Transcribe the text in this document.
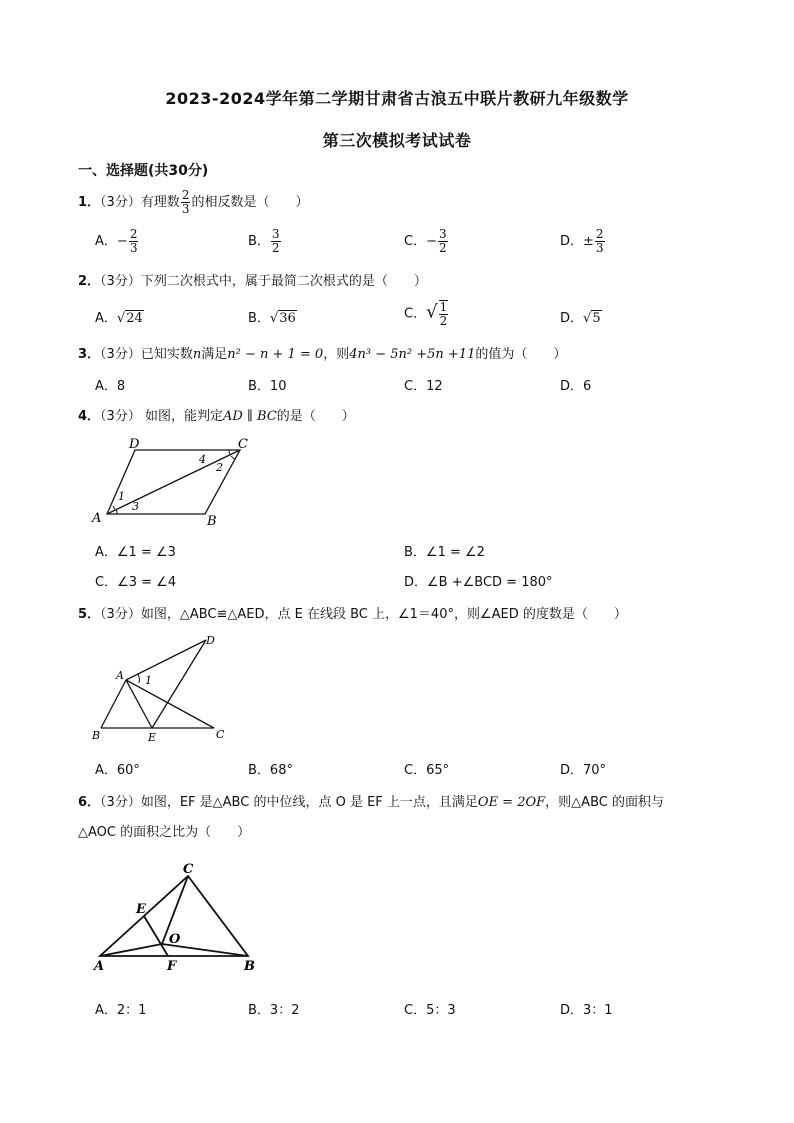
2023-2024学年第二学期甘肃省古浪五中联片教研九年级数学
第三次模拟考试试卷
一、选择题(共30分)
1．（3分）有理数 $\frac{2}{3}$ 的相反数是（　　）
A．− $\frac{2}{3}$	B． $\frac{3}{2}$	C．− $\frac{3}{2}$	D．± $\frac{2}{3}$
2．（3分）下列二次根式中，属于最简二次根式的是（　　）
A．√24	B．√36	C．√ $\frac{1}{2}$	D．√5
3．（3分）已知实数n满足n² − n + 1 = 0，则4n³ − 5n² +5n +11的值为（　　）
A．8	B．10	C．12	D．6
4．（3分） 如图，能判定AD ∥ BC的是（　　）
A	B
C
D
1
2
3
4
A．∠1 = ∠3	B．∠1 = ∠2
C．∠3 = ∠4	D．∠B +∠BCD = 180°
5．（3分）如图，△ABC≌△AED，点 E 在线段 BC 上，∠1＝40°，则∠AED 的度数是（　　）
A
B	C
D
E
1
A．60°	B．68°	C．65°	D．70°
6．（3分）如图，EF 是△ABC 的中位线，点 O 是 EF 上一点，且满足OE = 2OF，则△ABC 的面积与
△AOC 的面积之比为（　　）
C
E
O
A	F	B
A．2：1	B．3：2	C．5：3	D．3：1
